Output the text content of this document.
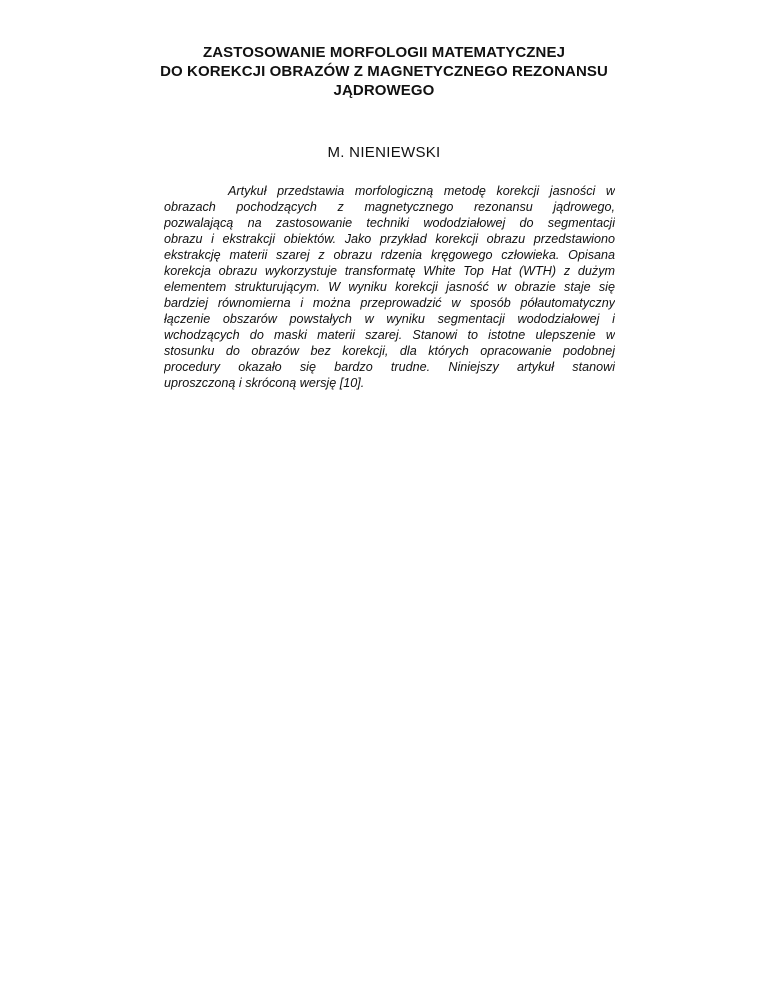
ZASTOSOWANIE MORFOLOGII MATEMATYCZNEJ
DO KOREKCJI OBRAZÓW Z MAGNETYCZNEGO REZONANSU
JĄDROWEGO
M. NIENIEWSKI

Artykuł przedstawia morfologiczną metodę korekcji jasności w
obrazach pochodzących z magnetycznego rezonansu jądrowego,
pozwalającą na zastosowanie techniki wododziałowej do segmentacji
obrazu i ekstrakcji obiektów. Jako przykład korekcji obrazu przedstawiono
ekstrakcję materii szarej z obrazu rdzenia kręgowego człowieka. Opisana
korekcja obrazu wykorzystuje transformatę White Top Hat (WTH) z dużym
elementem strukturującym. W wyniku korekcji jasność w obrazie staje się
bardziej równomierna i można przeprowadzić w sposób półautomatyczny
łączenie obszarów powstałych w wyniku segmentacji wododziałowej i
wchodzących do maski materii szarej. Stanowi to istotne ulepszenie w
stosunku do obrazów bez korekcji, dla których opracowanie podobnej
procedury okazało się bardzo trudne. Niniejszy artykuł stanowi
uproszczoną i skróconą wersję [10].
